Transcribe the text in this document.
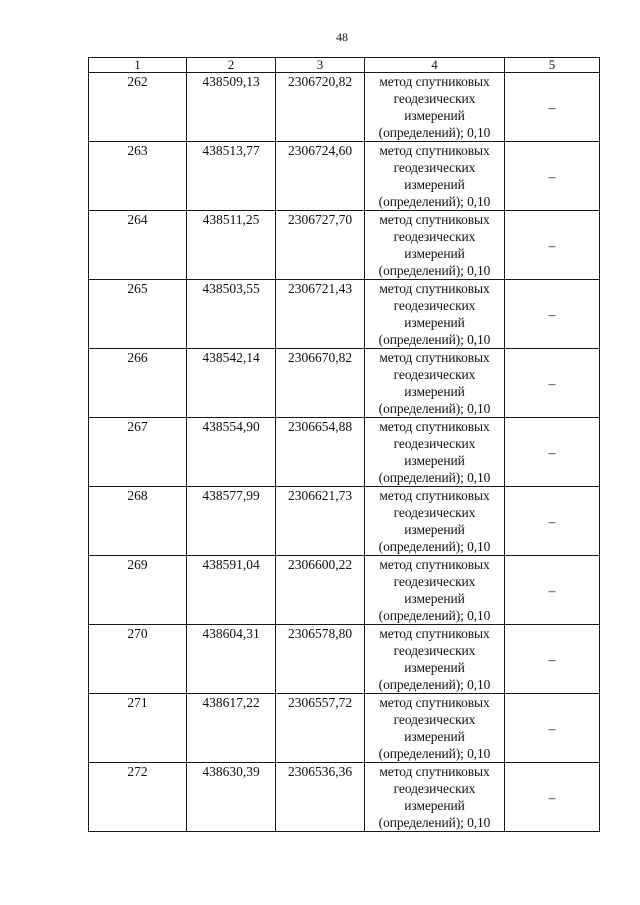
48
1	2	3	4	5
262	438509,13	2306720,82	метод спутниковых геодезических измерений (определений); 0,10	–
263	438513,77	2306724,60	метод спутниковых геодезических измерений (определений); 0,10	–
264	438511,25	2306727,70	метод спутниковых геодезических измерений (определений); 0,10	–
265	438503,55	2306721,43	метод спутниковых геодезических измерений (определений); 0,10	–
266	438542,14	2306670,82	метод спутниковых геодезических измерений (определений); 0,10	–
267	438554,90	2306654,88	метод спутниковых геодезических измерений (определений); 0,10	–
268	438577,99	2306621,73	метод спутниковых геодезических измерений (определений); 0,10	–
269	438591,04	2306600,22	метод спутниковых геодезических измерений (определений); 0,10	–
270	438604,31	2306578,80	метод спутниковых геодезических измерений (определений); 0,10	–
271	438617,22	2306557,72	метод спутниковых геодезических измерений (определений); 0,10	–
272	438630,39	2306536,36	метод спутниковых геодезических измерений (определений); 0,10	–
